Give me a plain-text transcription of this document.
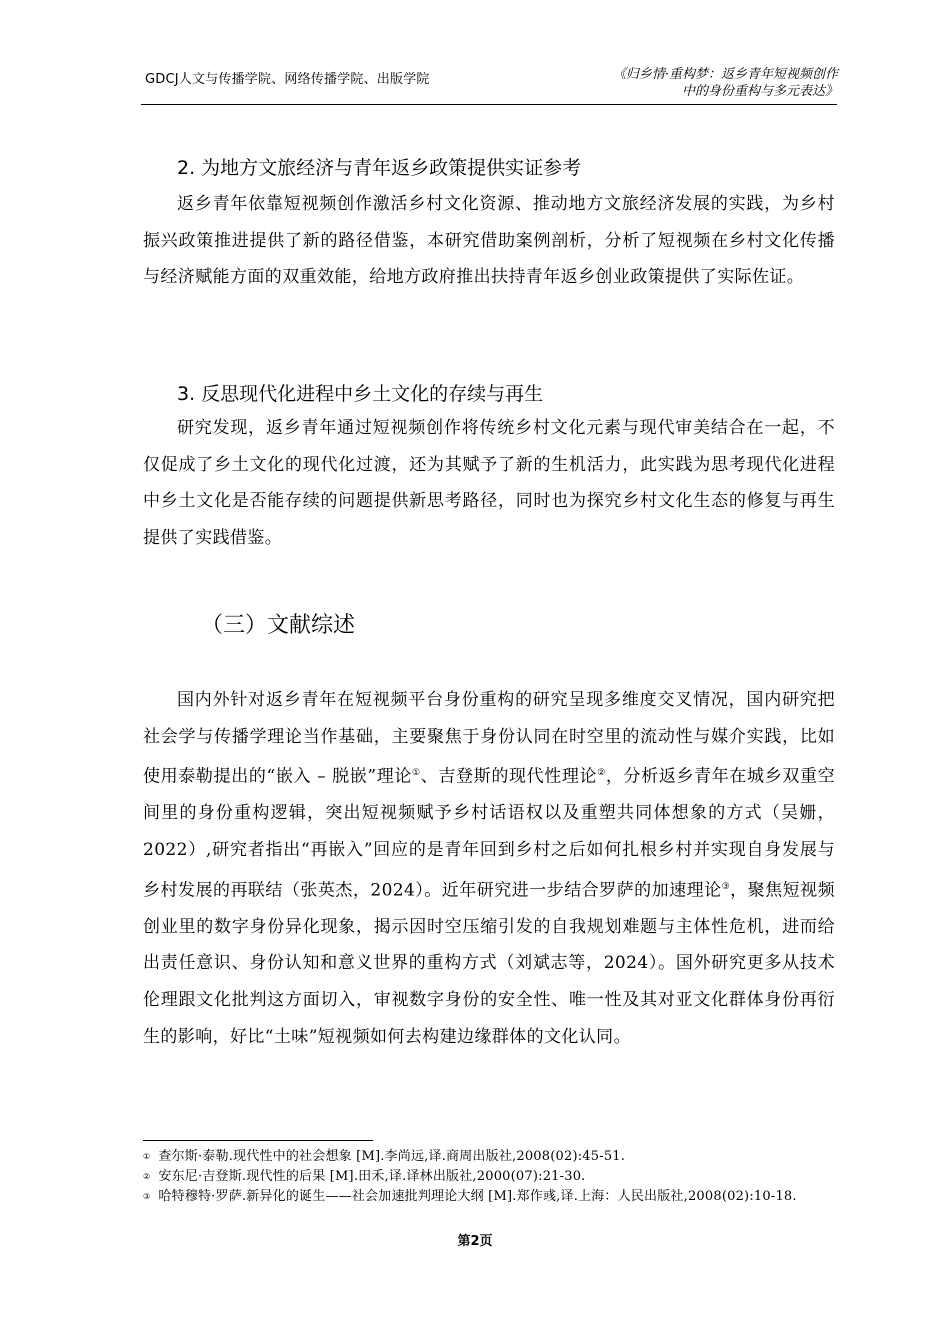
GDCJ人文与传播学院、网络传播学院、出版学院	《归乡情·重构梦：返乡青年短视频创作
中的身份重构与多元表达》
2. 为地方文旅经济与青年返乡政策提供实证参考

返乡青年依靠短视频创作激活乡村文化资源、推动地方文旅经济发展的实践，为乡村振兴政策推进提供了新的路径借鉴，本研究借助案例剖析，分析了短视频在乡村文化传播与经济赋能方面的双重效能，给地方政府推出扶持青年返乡创业政策提供了实际佐证。

3. 反思现代化进程中乡土文化的存续与再生

研究发现，返乡青年通过短视频创作将传统乡村文化元素与现代审美结合在一起，不仅促成了乡土文化的现代化过渡，还为其赋予了新的生机活力，此实践为思考现代化进程中乡土文化是否能存续的问题提供新思考路径，同时也为探究乡村文化生态的修复与再生提供了实践借鉴。

（三）文献综述

国内外针对返乡青年在短视频平台身份重构的研究呈现多维度交叉情况，国内研究把社会学与传播学理论当作基础，主要聚焦于身份认同在时空里的流动性与媒介实践，比如使用泰勒提出的“嵌入 – 脱嵌”理论①、吉登斯的现代性理论②，分析返乡青年在城乡双重空间里的身份重构逻辑，突出短视频赋予乡村话语权以及重塑共同体想象的方式（吴姗，2022）,研究者指出“再嵌入”回应的是青年回到乡村之后如何扎根乡村并实现自身发展与乡村发展的再联结（张英杰，2024）。近年研究进一步结合罗萨的加速理论③，聚焦短视频创业里的数字身份异化现象，揭示因时空压缩引发的自我规划难题与主体性危机，进而给出责任意识、身份认知和意义世界的重构方式（刘斌志等，2024）。国外研究更多从技术伦理跟文化批判这方面切入，审视数字身份的安全性、唯一性及其对亚文化群体身份再衍生的影响，好比“土味”短视频如何去构建边缘群体的文化认同。

① 查尔斯·泰勒.现代性中的社会想象 [M].李尚远,译.商周出版社,2008(02):45-51.

② 安东尼·吉登斯.现代性的后果 [M].田禾,译.译林出版社,2000(07):21-30.

③ 哈特穆特·罗萨.新异化的诞生——社会加速批判理论大纲 [M].郑作彧,译.上海：人民出版社,2008(02):10-18.

第2页
